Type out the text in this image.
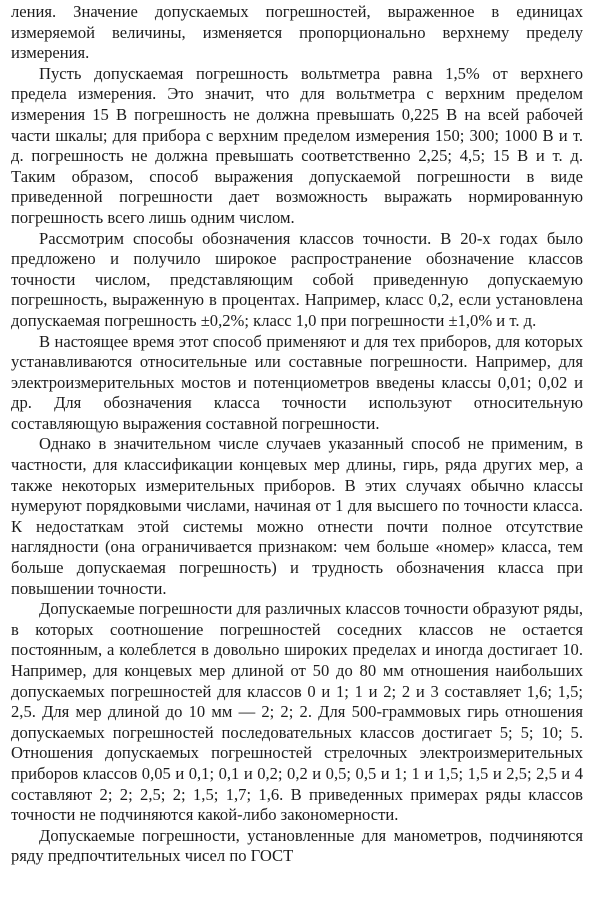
ления. Значение допускаемых погрешностей, выраженное в единицах измеряемой величины, изменяется пропорционально верхнему пределу измерения.

Пусть допускаемая погрешность вольтметра равна 1,5% от верхнего предела измерения. Это значит, что для вольтметра с верхним пределом измерения 15 В погрешность не должна превышать 0,225 В на всей рабочей части шкалы; для прибора с верхним пределом измерения 150; 300; 1000 В и т. д. погрешность не должна превышать соответственно 2,25; 4,5; 15 В и т. д. Таким образом, способ выражения допускаемой погрешности в виде приведенной погрешности дает возможность выражать нормированную погрешность всего лишь одним числом.

Рассмотрим способы обозначения классов точности. В 20-х годах было предложено и получило широкое распространение обозначение классов точности числом, представляющим собой приведенную допускаемую погрешность, выраженную в процентах. Например, класс 0,2, если установлена допускаемая погрешность ±0,2%; класс 1,0 при погрешности ±1,0% и т. д.

В настоящее время этот способ применяют и для тех приборов, для которых устанавливаются относительные или составные погрешности. Например, для электроизмерительных мостов и потенциометров введены классы 0,01; 0,02 и др. Для обозначения класса точности используют относительную составляющую выражения составной погрешности.

Однако в значительном числе случаев указанный способ не применим, в частности, для классификации концевых мер длины, гирь, ряда других мер, а также некоторых измерительных приборов. В этих случаях обычно классы нумеруют порядковыми числами, начиная от 1 для высшего по точности класса. К недостаткам этой системы можно отнести почти полное отсутствие наглядности (она ограничивается признаком: чем больше «номер» класса, тем больше допускаемая погрешность) и трудность обозначения класса при повышении точности.

Допускаемые погрешности для различных классов точности образуют ряды, в которых соотношение погрешностей соседних классов не остается постоянным, а колеблется в довольно широких пределах и иногда достигает 10. Например, для концевых мер длиной от 50 до 80 мм отношения наибольших допускаемых погрешностей для классов 0 и 1; 1 и 2; 2 и 3 составляет 1,6; 1,5; 2,5. Для мер длиной до 10 мм — 2; 2; 2. Для 500-граммовых гирь отношения допускаемых погрешностей последовательных классов достигает 5; 5; 10; 5. Отношения допускаемых погрешностей стрелочных электроизмерительных приборов классов 0,05 и 0,1; 0,1 и 0,2; 0,2 и 0,5; 0,5 и 1; 1 и 1,5; 1,5 и 2,5; 2,5 и 4 составляют 2; 2; 2,5; 2; 1,5; 1,7; 1,6. В приведенных примерах ряды классов точности не подчиняются какой-либо закономерности.

Допускаемые погрешности, установленные для манометров, подчиняются ряду предпочтительных чисел по ГОСТ
